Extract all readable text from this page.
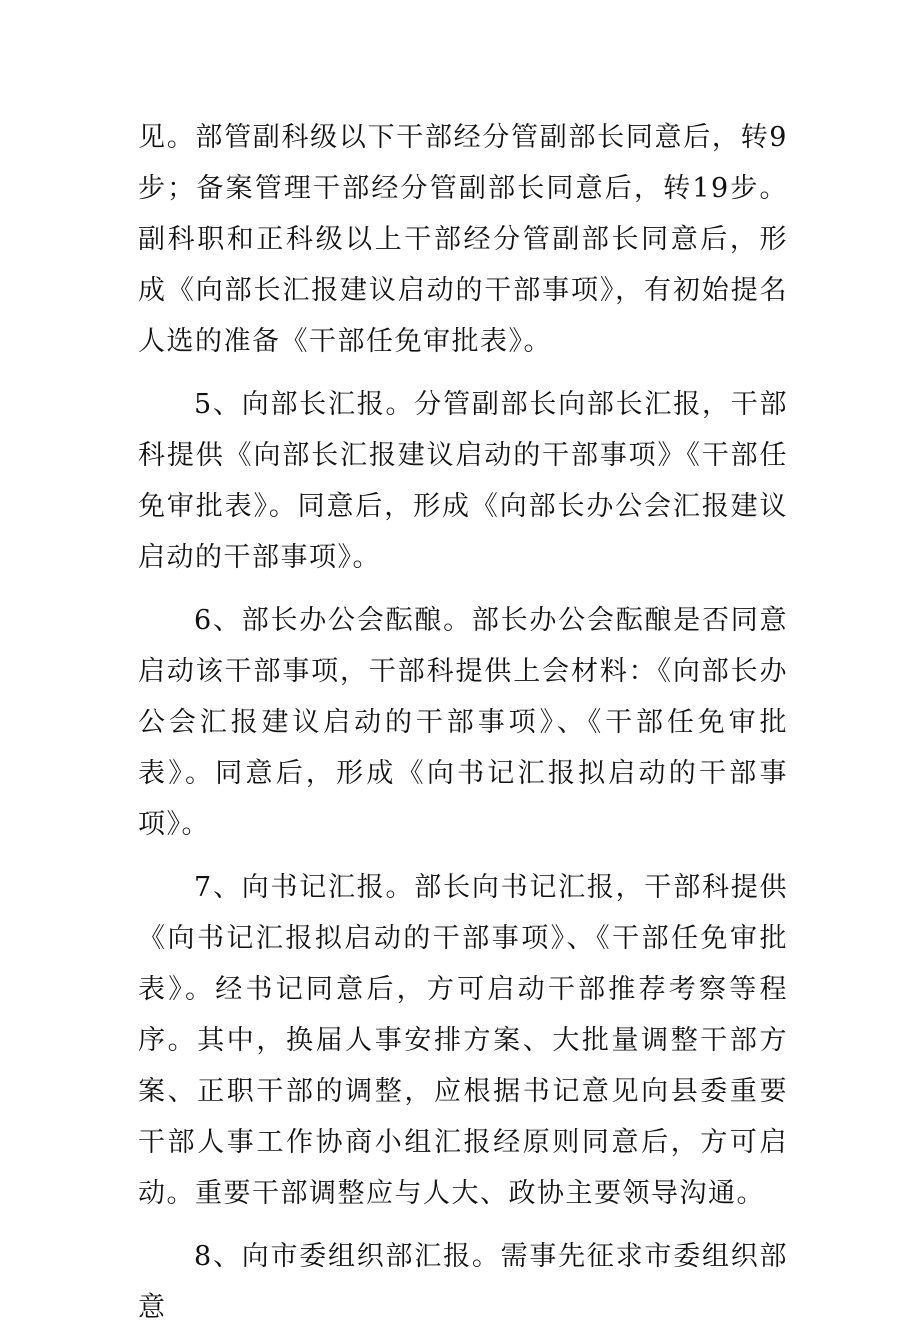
见。部管副科级以下干部经分管副部长同意后，转9步；备案管理干部经分管副部长同意后，转19步。副科职和正科级以上干部经分管副部长同意后，形成《向部长汇报建议启动的干部事项》，有初始提名人选的准备《干部任免审批表》。

5、向部长汇报。分管副部长向部长汇报，干部科提供《向部长汇报建议启动的干部事项》《干部任免审批表》。同意后，形成《向部长办公会汇报建议启动的干部事项》。

6、部长办公会酝酿。部长办公会酝酿是否同意启动该干部事项，干部科提供上会材料：《向部长办公会汇报建议启动的干部事项》、《干部任免审批表》。同意后，形成《向书记汇报拟启动的干部事项》。

7、向书记汇报。部长向书记汇报，干部科提供《向书记汇报拟启动的干部事项》、《干部任免审批表》。经书记同意后，方可启动干部推荐考察等程序。其中，换届人事安排方案、大批量调整干部方案、正职干部的调整，应根据书记意见向县委重要干部人事工作协商小组汇报经原则同意后，方可启动。重要干部调整应与人大、政协主要领导沟通。

8、向市委组织部汇报。需事先征求市委组织部意
